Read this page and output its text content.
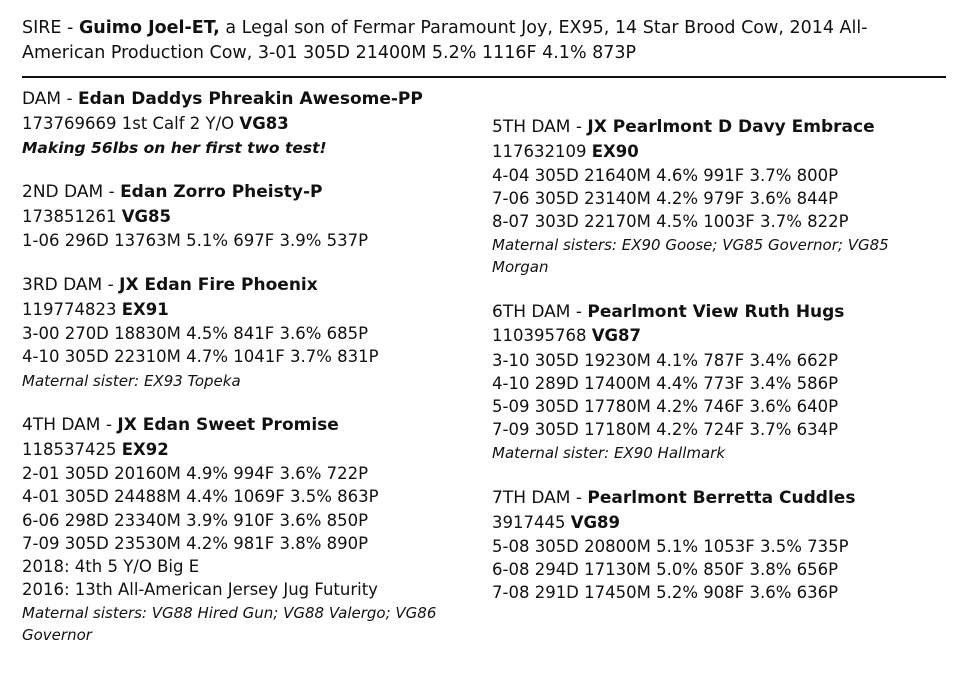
SIRE - Guimo Joel-ET, a Legal son of Fermar Paramount Joy, EX95, 14 Star Brood Cow, 2014 All-American Production Cow, 3-01 305D 21400M 5.2% 1116F 4.1% 873P
DAM - Edan Daddys Phreakin Awesome-PP
173769669 1st Calf 2 Y/O VG83
Making 56lbs on her first two test!
2ND DAM - Edan Zorro Pheisty-P
173851261 VG85
1-06 296D 13763M 5.1% 697F 3.9% 537P
3RD DAM - JX Edan Fire Phoenix
119774823 EX91
3-00 270D 18830M 4.5% 841F 3.6% 685P
4-10 305D 22310M 4.7% 1041F 3.7% 831P
Maternal sister: EX93 Topeka
4TH DAM - JX Edan Sweet Promise
118537425 EX92
2-01 305D 20160M 4.9% 994F 3.6% 722P
4-01 305D 24488M 4.4% 1069F 3.5% 863P
6-06 298D 23340M 3.9% 910F 3.6% 850P
7-09 305D 23530M 4.2% 981F 3.8% 890P
2018: 4th 5 Y/O Big E
2016: 13th All-American Jersey Jug Futurity
Maternal sisters: VG88 Hired Gun; VG88 Valergo; VG86 Governor
5TH DAM - JX Pearlmont D Davy Embrace
117632109 EX90
4-04 305D 21640M 4.6% 991F 3.7% 800P
7-06 305D 23140M 4.2% 979F 3.6% 844P
8-07 303D 22170M 4.5% 1003F 3.7% 822P
Maternal sisters: EX90 Goose; VG85 Governor; VG85 Morgan
6TH DAM - Pearlmont View Ruth Hugs
110395768 VG87
3-10 305D 19230M 4.1% 787F 3.4% 662P
4-10 289D 17400M 4.4% 773F 3.4% 586P
5-09 305D 17780M 4.2% 746F 3.6% 640P
7-09 305D 17180M 4.2% 724F 3.7% 634P
Maternal sister: EX90 Hallmark
7TH DAM - Pearlmont Berretta Cuddles
3917445 VG89
5-08 305D 20800M 5.1% 1053F 3.5% 735P
6-08 294D 17130M 5.0% 850F 3.8% 656P
7-08 291D 17450M 5.2% 908F 3.6% 636P
